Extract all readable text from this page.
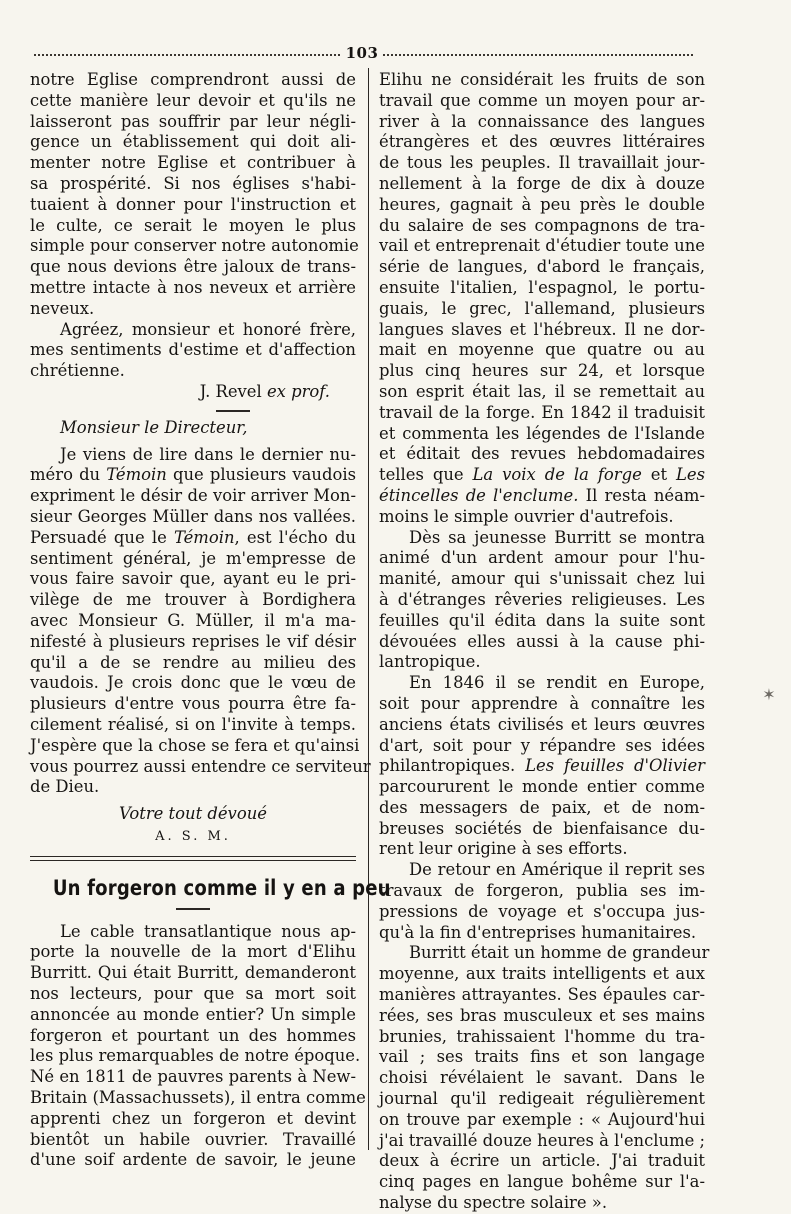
103

notre Eglise comprendront aussi de

cette manière leur devoir et qu'ils ne

laisseront pas souffrir par leur négli-

gence un établissement qui doit ali-

menter notre Eglise et contribuer à

sa prospérité. Si nos églises s'habi-

tuaient à donner pour l'instruction et

le culte, ce serait le moyen le plus

simple pour conserver notre autonomie

que nous devions être jaloux de trans-

mettre intacte à nos neveux et arrière

neveux.

Agréez, monsieur et honoré frère,

mes sentiments d'estime et d'affection

chrétienne.

J. Revel ex prof.

Monsieur le Directeur,

Je viens de lire dans le dernier nu-

méro du Témoin que plusieurs vaudois

expriment le désir de voir arriver Mon-

sieur Georges Müller dans nos vallées.

Persuadé que le Témoin, est l'écho du

sentiment général, je m'empresse de

vous faire savoir que, ayant eu le pri-

vilège de me trouver à Bordighera

avec Monsieur G. Müller, il m'a ma-

nifesté à plusieurs reprises le vif désir

qu'il a de se rendre au milieu des

vaudois. Je crois donc que le vœu de

plusieurs d'entre vous pourra être fa-

cilement réalisé, si on l'invite à temps.

J'espère que la chose se fera et qu'ainsi

vous pourrez aussi entendre ce serviteur

de Dieu.

Votre tout dévoué

A. S. M.

Un forgeron comme il y en a peu

Le cable transatlantique nous ap-

porte la nouvelle de la mort d'Elihu

Burritt. Qui était Burritt, demanderont

nos lecteurs, pour que sa mort soit

annoncée au monde entier? Un simple

forgeron et pourtant un des hommes

les plus remarquables de notre époque.

Né en 1811 de pauvres parents à New-

Britain (Massachussets), il entra comme

apprenti chez un forgeron et devint

bientôt un habile ouvrier. Travaillé

d'une soif ardente de savoir, le jeune

Elihu ne considérait les fruits de son

travail que comme un moyen pour ar-

river à la connaissance des langues

étrangères et des œuvres littéraires

de tous les peuples. Il travaillait jour-

nellement à la forge de dix à douze

heures, gagnait à peu près le double

du salaire de ses compagnons de tra-

vail et entreprenait d'étudier toute une

série de langues, d'abord le français,

ensuite l'italien, l'espagnol, le portu-

guais, le grec, l'allemand, plusieurs

langues slaves et l'hébreux. Il ne dor-

mait en moyenne que quatre ou au

plus cinq heures sur 24, et lorsque

son esprit était las, il se remettait au

travail de la forge. En 1842 il traduisit

et commenta les légendes de l'Islande

et éditait des revues hebdomadaires

telles que La voix de la forge et Les

étincelles de l'enclume. Il resta néam-

moins le simple ouvrier d'autrefois.

Dès sa jeunesse Burritt se montra

animé d'un ardent amour pour l'hu-

manité, amour qui s'unissait chez lui

à d'étranges rêveries religieuses. Les

feuilles qu'il édita dans la suite sont

dévouées elles aussi à la cause phi-

lantropique.

En 1846 il se rendit en Europe,

soit pour apprendre à connaître les

anciens états civilisés et leurs œuvres

d'art, soit pour y répandre ses idées

philantropiques. Les feuilles d'Olivier

parcoururent le monde entier comme

des messagers de paix, et de nom-

breuses sociétés de bienfaisance du-

rent leur origine à ses efforts.

De retour en Amérique il reprit ses

travaux de forgeron, publia ses im-

pressions de voyage et s'occupa jus-

qu'à la fin d'entreprises humanitaires.

Burritt était un homme de grandeur

moyenne, aux traits intelligents et aux

manières attrayantes. Ses épaules car-

rées, ses bras musculeux et ses mains

brunies, trahissaient l'homme du tra-

vail ; ses traits fins et son langage

choisi révélaient le savant. Dans le

journal qu'il redigeait régulièrement

on trouve par exemple : « Aujourd'hui

j'ai travaillé douze heures à l'enclume ;

deux à écrire un article. J'ai traduit

cinq pages en langue bohême sur l'a-

nalyse du spectre solaire ».

✶
